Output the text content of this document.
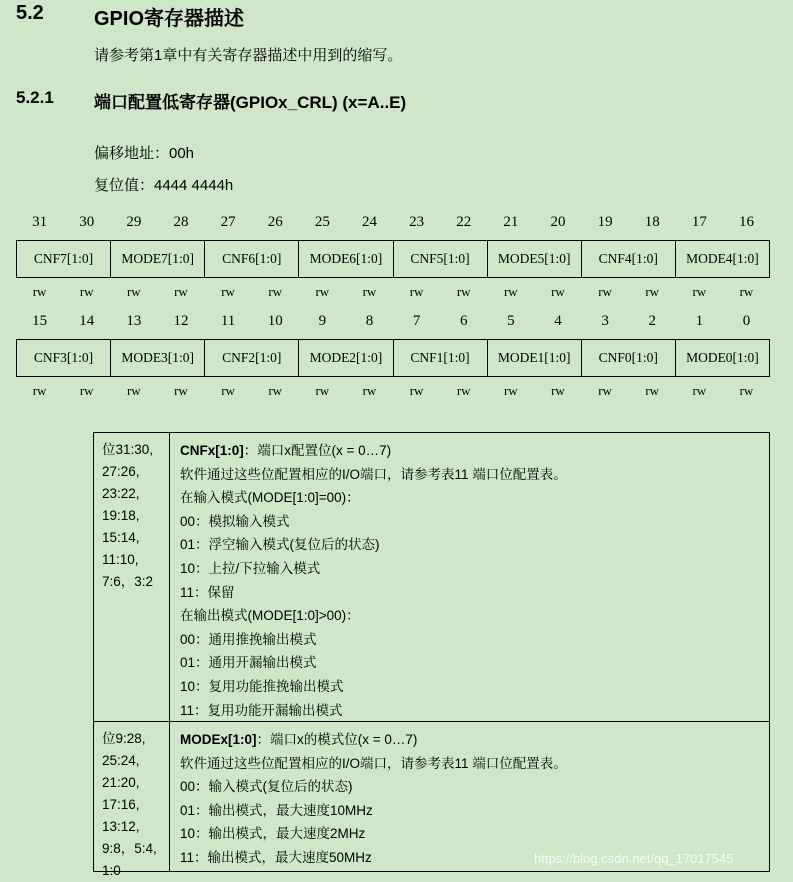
5.2	GPIO寄存器描述
请参考第1章中有关寄存器描述中用到的缩写。
5.2.1 端口配置低寄存器(GPIOx_CRL) (x=A..E)
偏移地址：00h
复位值：4444 4444h
31	30	29	28	27	26	25	24	23	22	21	20	19	18	17	16
CNF7[1:0]	MODE7[1:0]	CNF6[1:0]	MODE6[1:0]	CNF5[1:0]	MODE5[1:0]	CNF4[1:0]	MODE4[1:0]
rw	rw	rw	rw	rw	rw	rw	rw	rw	rw	rw	rw	rw	rw	rw	rw
15	14	13	12	11	10	9	8	7	6	5	4	3	2	1	0
CNF3[1:0]	MODE3[1:0]	CNF2[1:0]	MODE2[1:0]	CNF1[1:0]	MODE1[1:0]	CNF0[1:0]	MODE0[1:0]
rw	rw	rw	rw	rw	rw	rw	rw	rw	rw	rw	rw	rw	rw	rw	rw
位31:30,
27:26,
23:22,
19:18,
15:14,
11:10,
7:6，3:2
CNFx[1:0]：端口x配置位(x = 0…7)
软件通过这些位配置相应的I/O端口，请参考表11 端口位配置表。
在输入模式(MODE[1:0]=00)：
00：模拟输入模式
01：浮空输入模式(复位后的状态)
10：上拉/下拉输入模式
11：保留
在输出模式(MODE[1:0]>00)：
00：通用推挽输出模式
01：通用开漏输出模式
10：复用功能推挽输出模式
11：复用功能开漏输出模式
位9:28,
25:24,
21:20,
17:16,
13:12,
9:8，5:4,
1:0
MODEx[1:0]：端口x的模式位(x = 0…7)
软件通过这些位配置相应的I/O端口，请参考表11 端口位配置表。
00：输入模式(复位后的状态)
01：输出模式，最大速度10MHz
10：输出模式，最大速度2MHz
11：输出模式，最大速度50MHz	https://blog.csdn.net/qq_17017545
